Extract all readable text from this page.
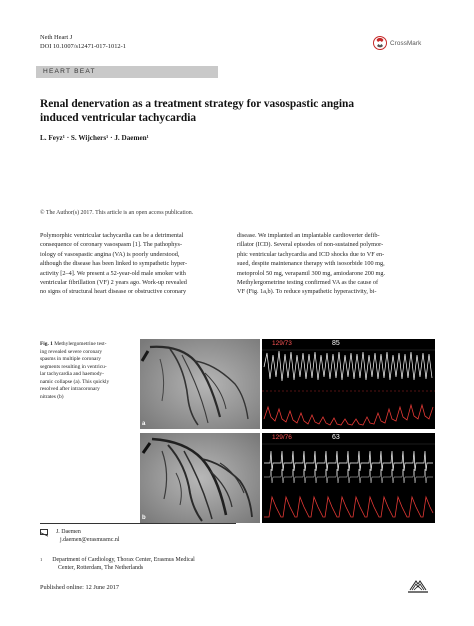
Neth Heart J
DOI 10.1007/s12471-017-1012-1	CrossMark
HEART BEAT
Renal denervation as a treatment strategy for vasospastic angina
induced ventricular tachycardia
L. Feyz¹ · S. Wijchers¹ · J. Daemen¹
© The Author(s) 2017. This article is an open access publication.
Polymorphic ventricular tachycardia can be a detrimental
consequence of coronary vasospasm [1]. The pathophys-
iology of vasospastic angina (VA) is poorly understood,
although the disease has been linked to sympathetic hyper-
activity [2–4]. We present a 52-year-old male smoker with
ventricular fibrillation (VF) 2 years ago. Work-up revealed
no signs of structural heart disease or obstructive coronary
disease. We implanted an implantable cardioverter defib-
rillator (ICD). Several episodes of non-sustained polymor-
phic ventricular tachycardia and ICD shocks due to VF en-
sued, despite maintenance therapy with isosorbide 100 mg,
metoprolol 50 mg, verapamil 300 mg, amiodarone 200 mg.
Methylergometrine testing confirmed VA as the cause of
VF (Fig. 1a,b). To reduce sympathetic hyperactivity, bi-
Fig. 1 Methylergometrine test-
ing revealed severe coronary
spasms in multiple coronary
segments resulting in ventricu-
lar tachycardia and haemody-
namic collapse (a). This quickly
resolved after intracoronary
nitrates (b)
a
129/73	85
b
129/76	63
J. Daemen
j.daemen@erasmusmc.nl
$^1$ Department of Cardiology, Thorax Center, Erasmus Medical
Center, Rotterdam, The Netherlands
Published online: 12 June 2017
